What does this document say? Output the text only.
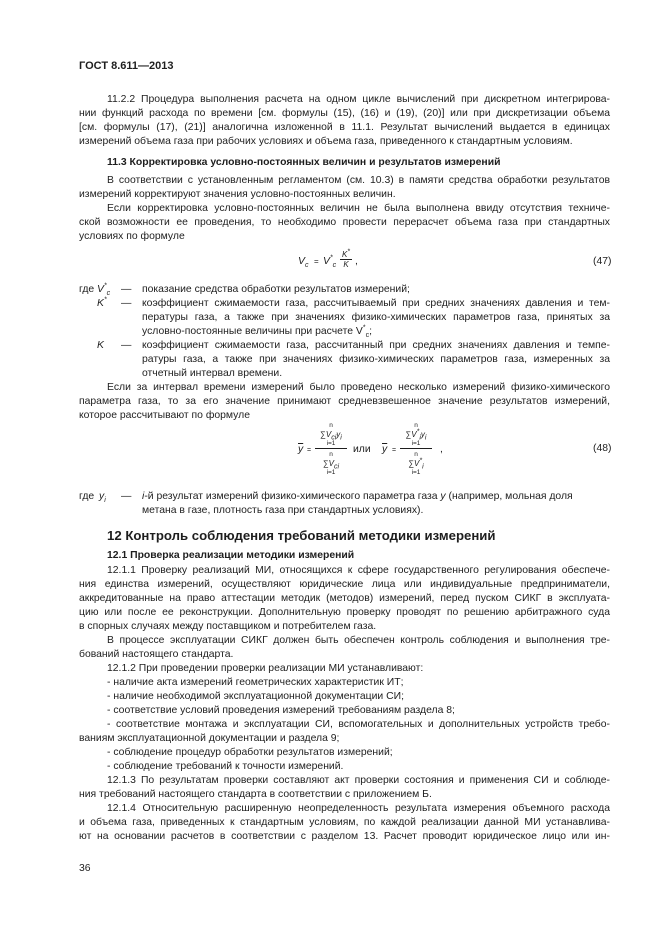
ГОСТ 8.611—2013
11.2.2 Процедура выполнения расчета на одном цикле вычислений при дискретном интегрирова-
нии функций расхода по времени [см. формулы (15), (16) и (19), (20)] или при дискретизации объема
[см. формулы (17), (21)] аналогична изложенной в 11.1. Результат вычислений выдается в единицах
измерений объема газа при рабочих условиях и объема газа, приведенного к стандартным условиям.
11.3 Корректировка условно-постоянных величин и результатов измерений
В соответствии с установленным регламентом (см. 10.3) в памяти средства обработки результатов
измерений корректируют значения условно-постоянных величин.
Если корректировка условно-постоянных величин не была выполнена ввиду отсутствия техниче-
ской возможности ее проведения, то необходимо провести перерасчет объема газа при стандартных
условиях по формуле
$V_c = V^*_c \frac{K^*}{K}$ ,	(47)
где $V^*_c$ — показание средства обработки результатов измерений;
K* — коэффициент сжимаемости газа, рассчитываемый при средних значениях давления и тем-
пературы газа, а также при значениях физико-химических параметров газа, принятых за
условно-постоянные величины при расчете $V^*_c$;
K — коэффициент сжимаемости газа, рассчитанный при средних значениях давления и темпе-
ратуры газа, а также при значениях физико-химических параметров газа, измеренных за
отчетный интервал времени.
Если за интервал времени измерений было проведено несколько измерений физико-химического
параметра газа, то за его значение принимают средневзвешенное значение результатов измерений,
которое рассчитывают по формуле
$\overline{y}$ =
n
$\sum V_{ci}y_i$
i=1
n
$\sum V_{ci}$
i=1
или $\overline{y}$ =
n
$\sum V^*_iy_i$
i=1
n
$\sum V^*_i$
i=1
,	(48)
где $y_i$ — i-й результат измерений физико-химического параметра газа y (например, мольная доля
метана в газе, плотность газа при стандартных условиях).
12 Контроль соблюдения требований методики измерений
12.1 Проверка реализации методики измерений
12.1.1 Проверку реализаций МИ, относящихся к сфере государственного регулирования обеспече-
ния единства измерений, осуществляют юридические лица или индивидуальные предприниматели,
аккредитованные на право аттестации методик (методов) измерений, перед пуском СИКГ в эксплуата-
цию или после ее реконструкции. Дополнительную проверку проводят по решению арбитражного суда
в спорных случаях между поставщиком и потребителем газа.
В процессе эксплуатации СИКГ должен быть обеспечен контроль соблюдения и выполнения тре-
бований настоящего стандарта.
12.1.2 При проведении проверки реализации МИ устанавливают:
- наличие акта измерений геометрических характеристик ИТ;
- наличие необходимой эксплуатационной документации СИ;
- соответствие условий проведения измерений требованиям раздела 8;
- соответствие монтажа и эксплуатации СИ, вспомогательных и дополнительных устройств требо-
ваниям эксплуатационной документации и раздела 9;
- соблюдение процедур обработки результатов измерений;
- соблюдение требований к точности измерений.
12.1.3 По результатам проверки составляют акт проверки состояния и применения СИ и соблюде-
ния требований настоящего стандарта в соответствии с приложением Б.
12.1.4 Относительную расширенную неопределенность результата измерения объемного расхода
и объема газа, приведенных к стандартным условиям, по каждой реализации данной МИ устанавлива-
ют на основании расчетов в соответствии с разделом 13. Расчет проводит юридическое лицо или ин-
36
